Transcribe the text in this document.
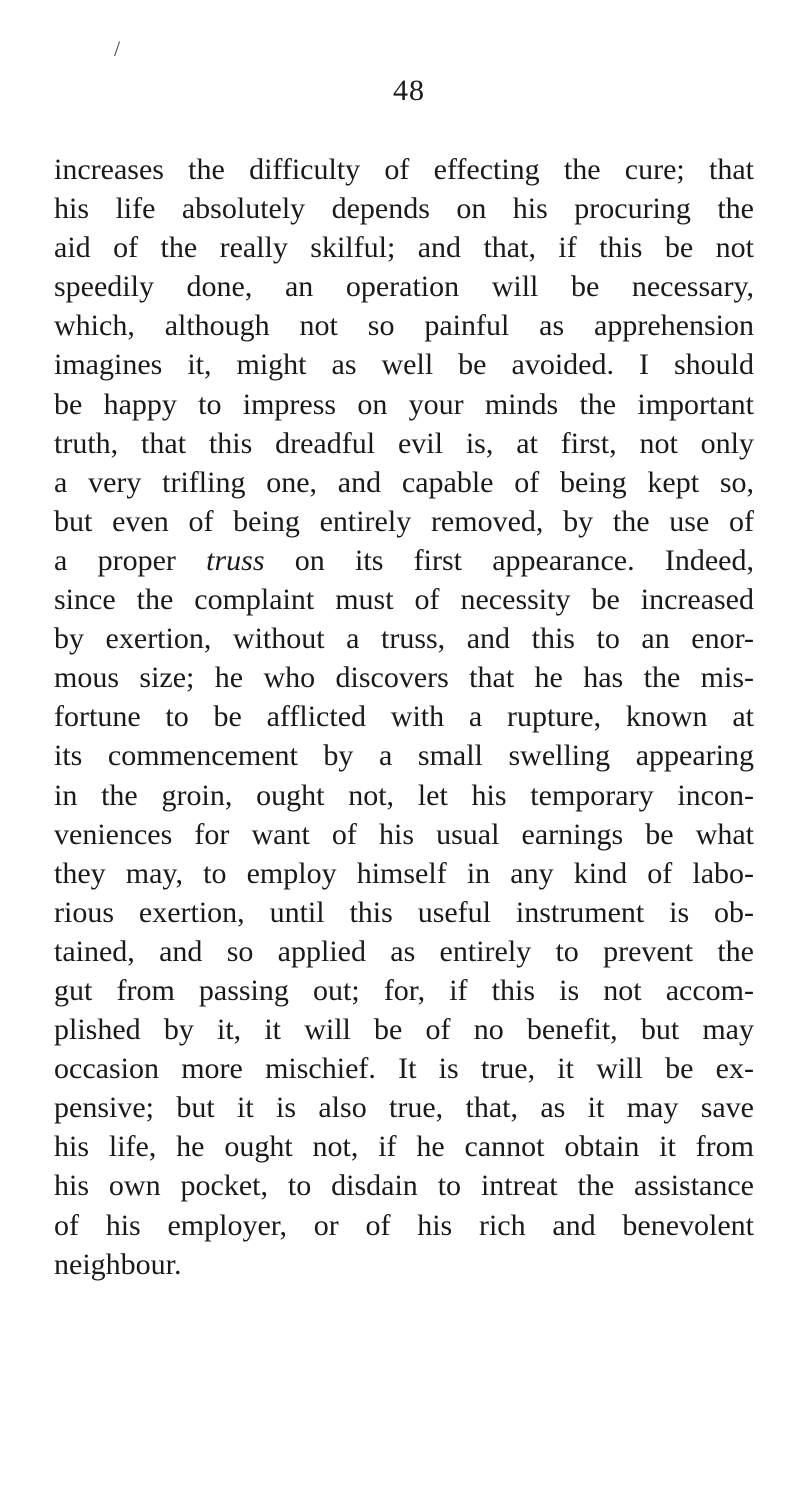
/
48
increases the difficulty of effecting the cure; that
his life absolutely depends on his procuring the
aid of the really skilful; and that, if this be not
speedily done, an operation will be necessary,
which, although not so painful as apprehension
imagines it, might as well be avoided. I should
be happy to impress on your minds the important
truth, that this dreadful evil is, at first, not only
a very trifling one, and capable of being kept so,
but even of being entirely removed, by the use of
a proper truss on its first appearance. Indeed,
since the complaint must of necessity be increased
by exertion, without a truss, and this to an enor-
mous size; he who discovers that he has the mis-
fortune to be afflicted with a rupture, known at
its commencement by a small swelling appearing
in the groin, ought not, let his temporary incon-
veniences for want of his usual earnings be what
they may, to employ himself in any kind of labo-
rious exertion, until this useful instrument is ob-
tained, and so applied as entirely to prevent the
gut from passing out; for, if this is not accom-
plished by it, it will be of no benefit, but may
occasion more mischief. It is true, it will be ex-
pensive; but it is also true, that, as it may save
his life, he ought not, if he cannot obtain it from
his own pocket, to disdain to intreat the assistance
of his employer, or of his rich and benevolent
neighbour.
